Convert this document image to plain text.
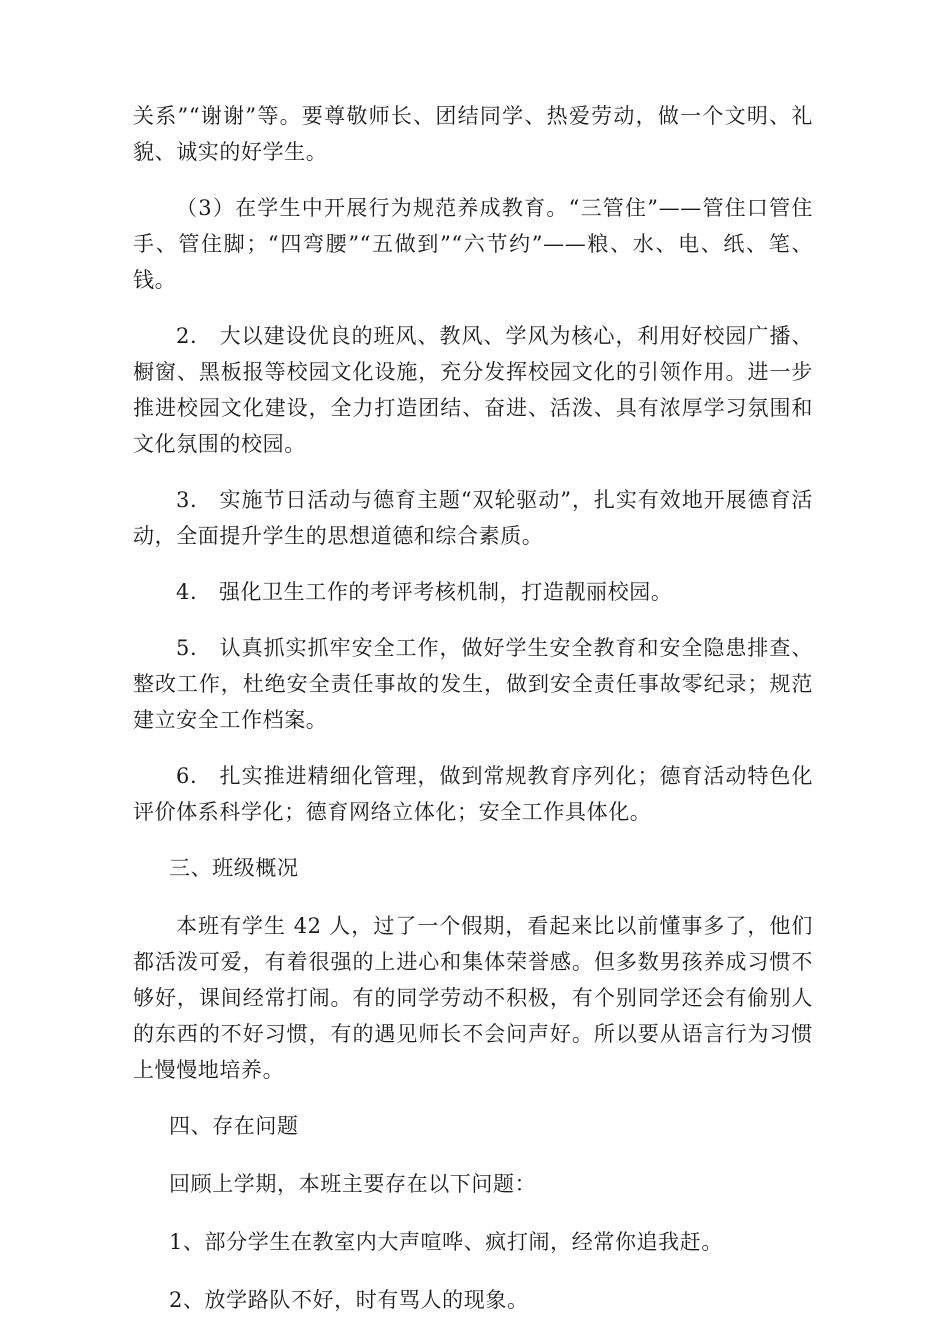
关系”“谢谢”等。要尊敬师长、团结同学、热爱劳动，做一个文明、礼貌、诚实的好学生。

（3）在学生中开展行为规范养成教育。“三管住”——管住口管住手、管住脚；“四弯腰”“五做到”“六节约”——粮、水、电、纸、笔、钱。

2.　大以建设优良的班风、教风、学风为核心，利用好校园广播、橱窗、黑板报等校园文化设施，充分发挥校园文化的引领作用。进一步推进校园文化建设，全力打造团结、奋进、活泼、具有浓厚学习氛围和文化氛围的校园。

3.　实施节日活动与德育主题“双轮驱动”，扎实有效地开展德育活动，全面提升学生的思想道德和综合素质。

4.　强化卫生工作的考评考核机制，打造靓丽校园。

5.　认真抓实抓牢安全工作，做好学生安全教育和安全隐患排查、整改工作，杜绝安全责任事故的发生，做到安全责任事故零纪录；规范建立安全工作档案。

6.　扎实推进精细化管理，做到常规教育序列化；德育活动特色化评价体系科学化；德育网络立体化；安全工作具体化。

三、班级概况

本班有学生 42 人，过了一个假期，看起来比以前懂事多了，他们都活泼可爱，有着很强的上进心和集体荣誉感。但多数男孩养成习惯不够好，课间经常打闹。有的同学劳动不积极，有个别同学还会有偷别人的东西的不好习惯，有的遇见师长不会问声好。所以要从语言行为习惯上慢慢地培养。

四、存在问题

回顾上学期，本班主要存在以下问题：

1、部分学生在教室内大声喧哗、疯打闹，经常你追我赶。

2、放学路队不好，时有骂人的现象。
